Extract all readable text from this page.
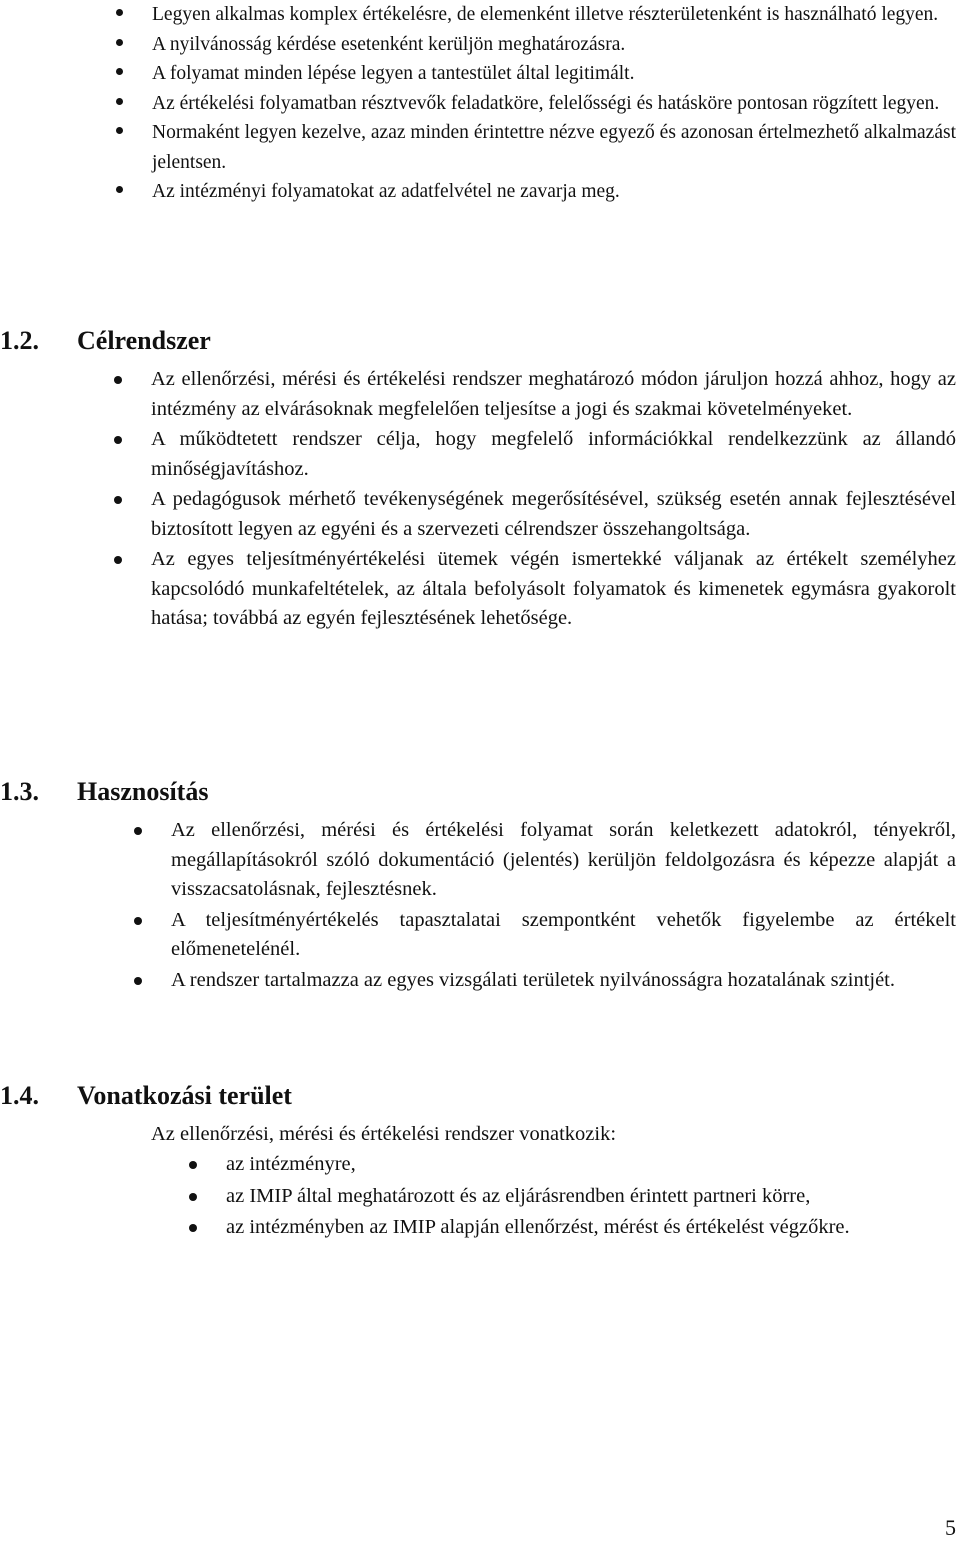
Legyen alkalmas komplex értékelésre, de elemenként illetve részterületenként is használható legyen.
A nyilvánosság kérdése esetenként kerüljön meghatározásra.
A folyamat minden lépése legyen a tantestület által legitimált.
Az értékelési folyamatban résztvevők feladatköre, felelősségi és hatásköre pontosan rögzített legyen.
Normaként legyen kezelve, azaz minden érintettre nézve egyező és azonosan értelmezhető alkalmazást jelentsen.
Az intézményi folyamatokat az adatfelvétel ne zavarja meg.
1.2. Célrendszer
Az ellenőrzési, mérési és értékelési rendszer meghatározó módon járuljon hozzá ahhoz, hogy az intézmény az elvárásoknak megfelelően teljesítse a jogi és szakmai követelményeket.
A működtetett rendszer célja, hogy megfelelő információkkal rendelkezzünk az állandó minőségjavításhoz.
A pedagógusok mérhető tevékenységének megerősítésével, szükség esetén annak fejlesztésével biztosított legyen az egyéni és a szervezeti célrendszer összehangoltsága.
Az egyes teljesítményértékelési ütemek végén ismertekké váljanak az értékelt személyhez kapcsolódó munkafeltételek, az általa befolyásolt folyamatok és kimenetek egymásra gyakorolt hatása; továbbá az egyén fejlesztésének lehetősége.
1.3. Hasznosítás
Az ellenőrzési, mérési és értékelési folyamat során keletkezett adatokról, tényekről, megállapításokról szóló dokumentáció (jelentés) kerüljön feldolgozásra és képezze alapját a visszacsatolásnak, fejlesztésnek.
A teljesítményértékelés tapasztalatai szempontként vehetők figyelembe az értékelt előmenetelénél.
A rendszer tartalmazza az egyes vizsgálati területek nyilvánosságra hozatalának szintjét.
1.4. Vonatkozási terület
Az ellenőrzési, mérési és értékelési rendszer vonatkozik:
az intézményre,
az IMIP által meghatározott és az eljárásrendben érintett partneri körre,
az intézményben az IMIP alapján ellenőrzést, mérést és értékelést végzőkre.
5
